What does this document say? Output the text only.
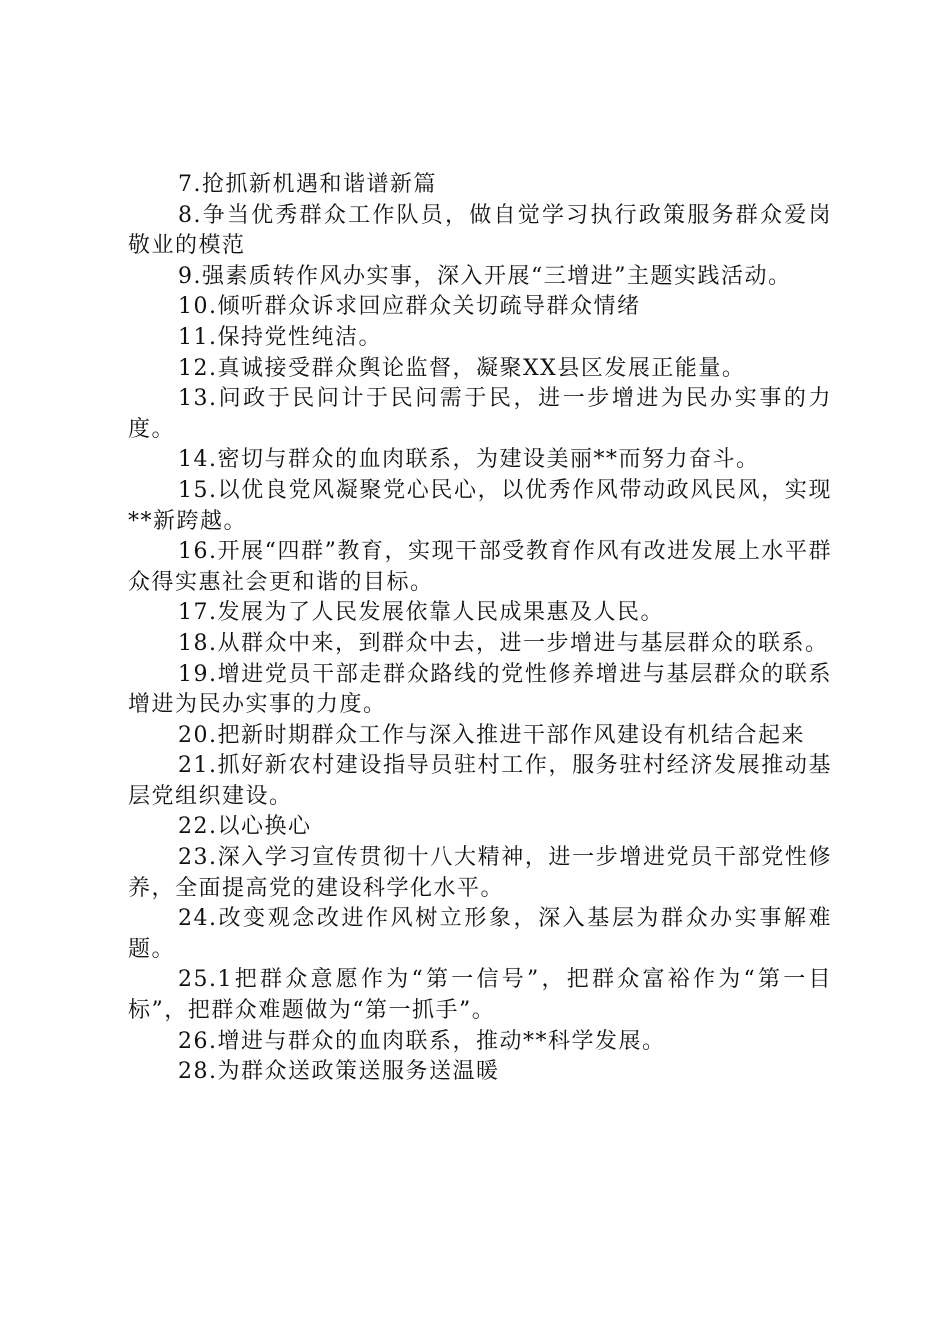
7.抢抓新机遇和谐谱新篇

8.争当优秀群众工作队员，做自觉学习执行政策服务群众爱岗敬业的模范

9.强素质转作风办实事，深入开展“三增进”主题实践活动。

10.倾听群众诉求回应群众关切疏导群众情绪

11.保持党性纯洁。

12.真诚接受群众舆论监督，凝聚XX县区发展正能量。

13.问政于民问计于民问需于民，进一步增进为民办实事的力度。

14.密切与群众的血肉联系，为建设美丽**而努力奋斗。

15.以优良党风凝聚党心民心，以优秀作风带动政风民风，实现**新跨越。

16.开展“四群”教育，实现干部受教育作风有改进发展上水平群众得实惠社会更和谐的目标。

17.发展为了人民发展依靠人民成果惠及人民。

18.从群众中来，到群众中去，进一步增进与基层群众的联系。

19.增进党员干部走群众路线的党性修养增进与基层群众的联系增进为民办实事的力度。

20.把新时期群众工作与深入推进干部作风建设有机结合起来

21.抓好新农村建设指导员驻村工作，服务驻村经济发展推动基层党组织建设。

22.以心换心

23.深入学习宣传贯彻十八大精神，进一步增进党员干部党性修养，全面提高党的建设科学化水平。

24.改变观念改进作风树立形象，深入基层为群众办实事解难题。

25.1把群众意愿作为“第一信号”，把群众富裕作为“第一目标”，把群众难题做为“第一抓手”。

26.增进与群众的血肉联系，推动**科学发展。

28.为群众送政策送服务送温暖
